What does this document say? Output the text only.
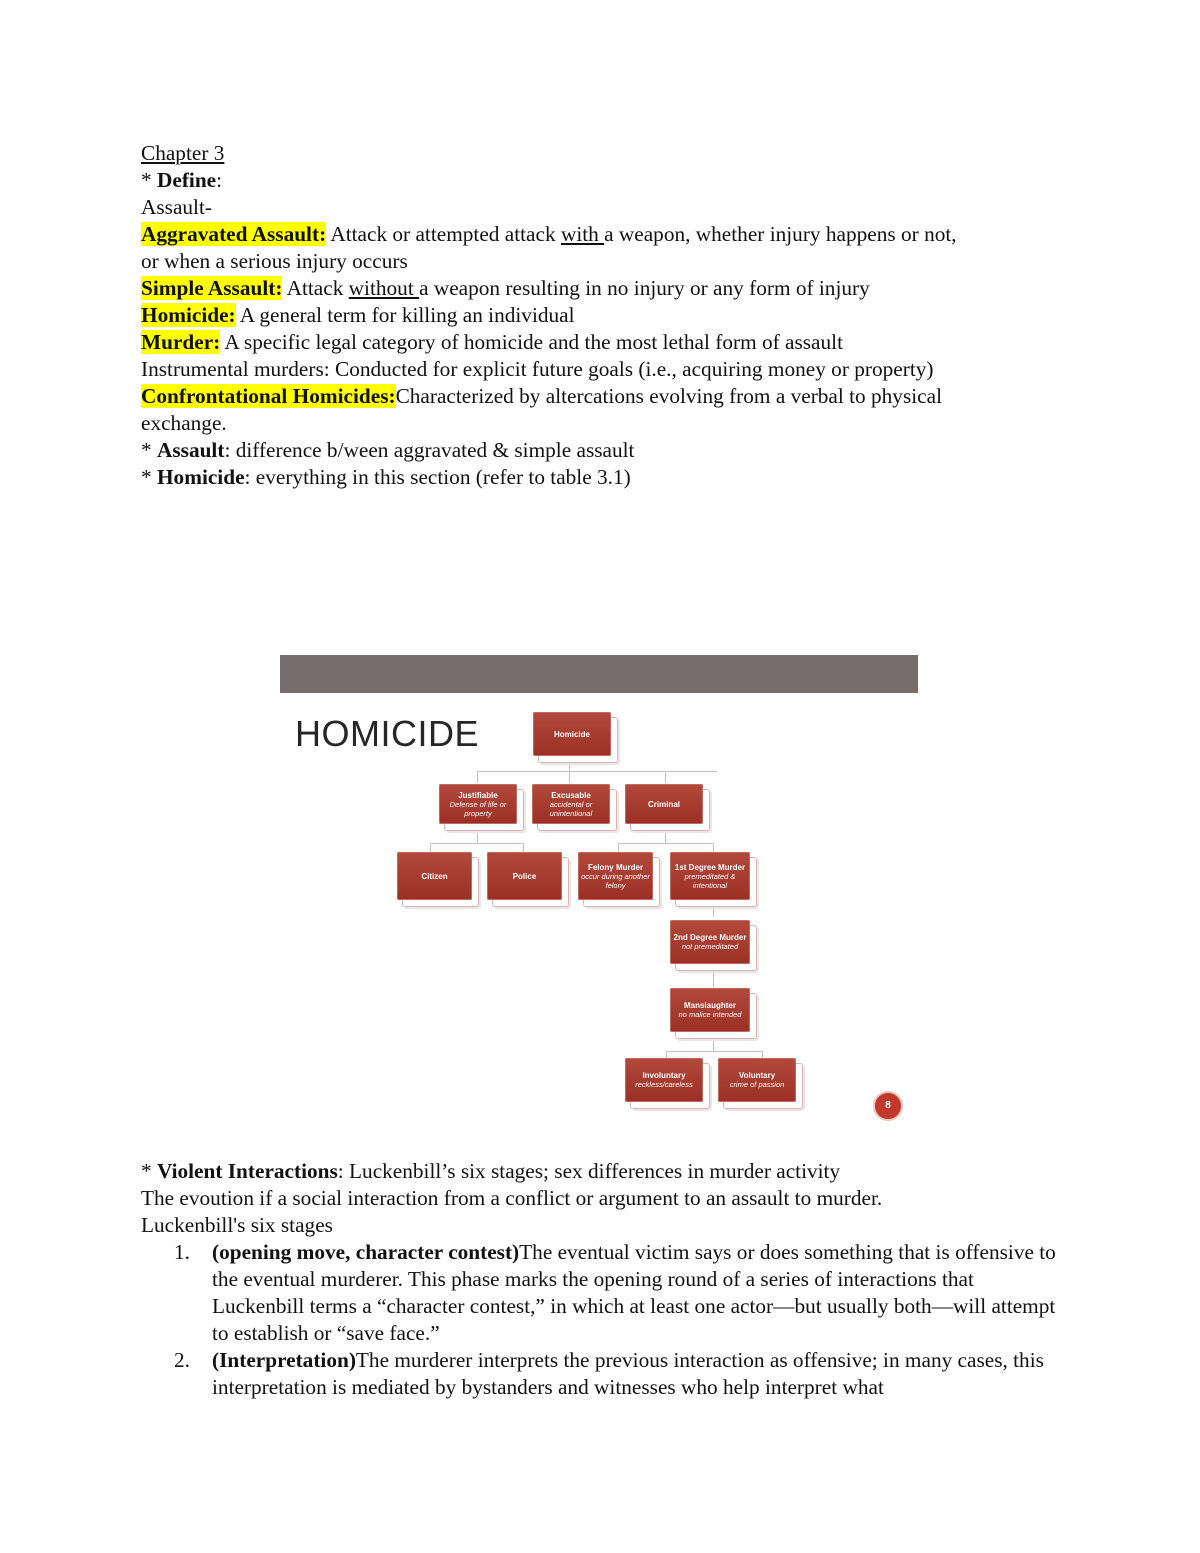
Chapter 3
* Define:
Assault-
Aggravated Assault: Attack or attempted attack with a weapon, whether injury happens or not,
or when a serious injury occurs
Simple Assault: Attack without a weapon resulting in no injury or any form of injury
Homicide: A general term for killing an individual
Murder: A specific legal category of homicide and the most lethal form of assault
Instrumental murders: Conducted for explicit future goals (i.e., acquiring money or property)
Confrontational Homicides:Characterized by altercations evolving from a verbal to physical
exchange.
* Assault: difference b/ween aggravated & simple assault
* Homicide: everything in this section (refer to table 3.1)
HOMICIDE	Homicide
Justifiable
Defense of life or property
Excusable
accidental or unintentional
Criminal
Citizen	Police
Felony Murder
occur during another felony
1st Degree Murder
premeditated & intentional
2nd Degree Murder
not premeditated
Manslaughter
no malice intended
Involuntary
reckless/careless
Voluntary
crime of passion
8
* Violent Interactions: Luckenbill’s six stages; sex differences in murder activity
The evoution if a social interaction from a conflict or argument to an assault to murder.
Luckenbill's six stages
1. (opening move, character contest)The eventual victim says or does something that is offensive to the eventual murderer. This phase marks the opening round of a series of interactions that Luckenbill terms a “character contest,” in which at least one actor—but usually both—will attempt to establish or “save face.”
2. (Interpretation)The murderer interprets the previous interaction as offensive; in many cases, this interpretation is mediated by bystanders and witnesses who help interpret what
